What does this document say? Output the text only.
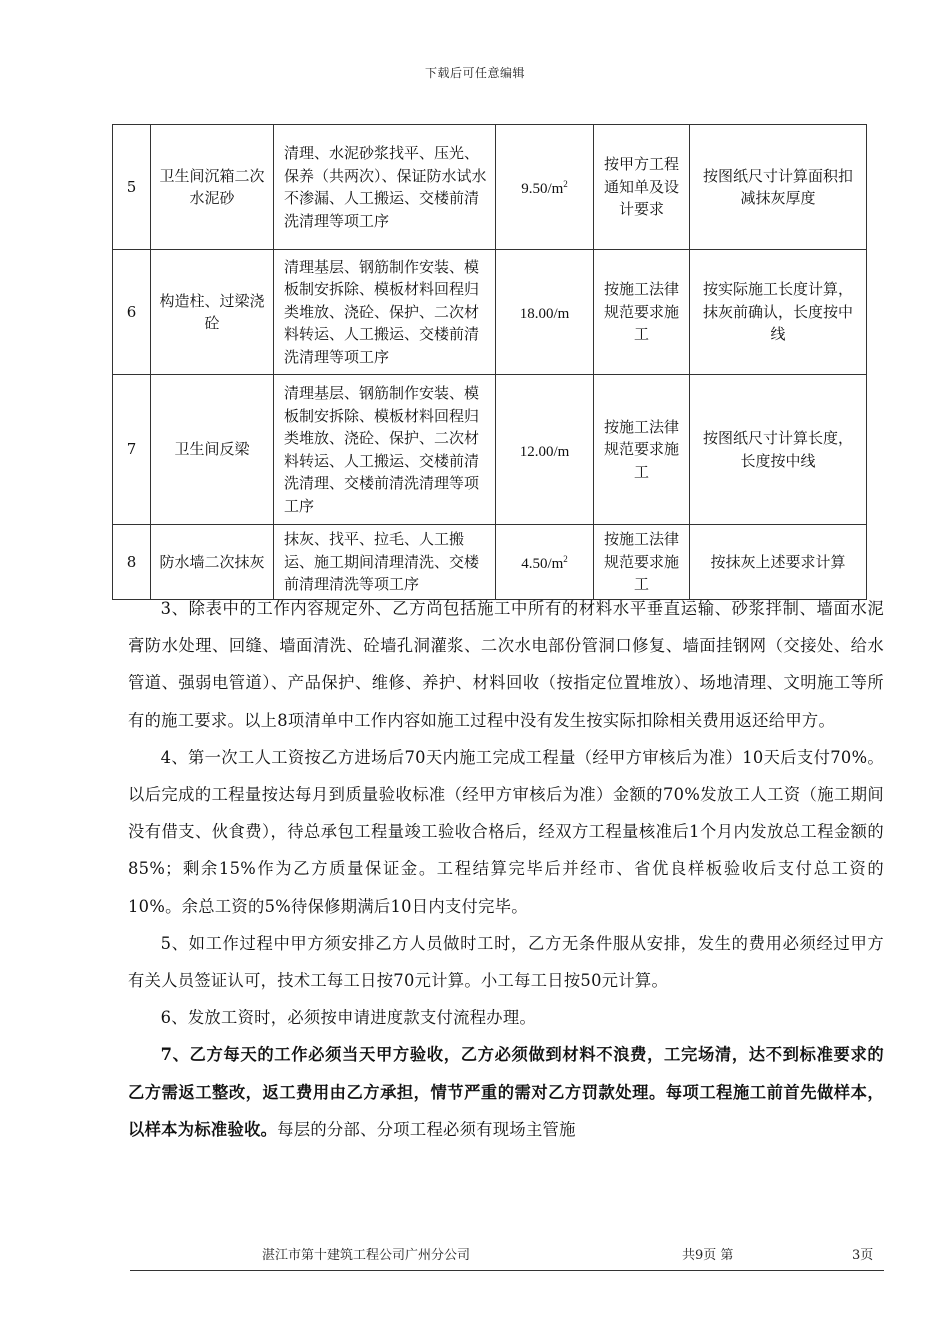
下载后可任意编辑
5	卫生间沉箱二次水泥砂	清理、水泥砂浆找平、压光、保养（共两次）、保证防水试水不渗漏、人工搬运、交楼前清洗清理等项工序	$9.50/m^2$	按甲方工程通知单及设计要求	按图纸尺寸计算面积扣减抹灰厚度
6	构造柱、过梁浇砼	清理基层、钢筋制作安装、模板制安拆除、模板材料回程归类堆放、浇砼、保护、二次材料转运、人工搬运、交楼前清洗清理等项工序	18.00/m	按施工法律规范要求施工	按实际施工长度计算，抹灰前确认，长度按中线
7	卫生间反梁	清理基层、钢筋制作安装、模板制安拆除、模板材料回程归类堆放、浇砼、保护、二次材料转运、人工搬运、交楼前清洗清理、交楼前清洗清理等项工序	12.00/m	按施工法律规范要求施工	按图纸尺寸计算长度，长度按中线
8	防水墙二次抹灰	抹灰、找平、拉毛、人工搬运、施工期间清理清洗、交楼前清理清洗等项工序	$4.50/m^2$	按施工法律规范要求施工	按抹灰上述要求计算

3、除表中的工作内容规定外、乙方尚包括施工中所有的材料水平垂直运输、砂浆拌制、墙面水泥膏防水处理、回缝、墙面清洗、砼墙孔洞灌浆、二次水电部份管洞口修复、墙面挂钢网（交接处、给水管道、强弱电管道）、产品保护、维修、养护、材料回收（按指定位置堆放）、场地清理、文明施工等所有的施工要求。以上8项清单中工作内容如施工过程中没有发生按实际扣除相关费用返还给甲方。

4、第一次工人工资按乙方进场后70天内施工完成工程量（经甲方审核后为准）10天后支付70%。以后完成的工程量按达每月到质量验收标准（经甲方审核后为准）金额的70%发放工人工资（施工期间没有借支、伙食费），待总承包工程量竣工验收合格后，经双方工程量核准后1个月内发放总工程金额的85%；剩余15%作为乙方质量保证金。工程结算完毕后并经市、省优良样板验收后支付总工资的10%。余总工资的5%待保修期满后10日内支付完毕。

5、如工作过程中甲方须安排乙方人员做时工时，乙方无条件服从安排，发生的费用必须经过甲方有关人员签证认可，技术工每工日按70元计算。小工每工日按50元计算。

6、发放工资时，必须按申请进度款支付流程办理。

7、乙方每天的工作必须当天甲方验收，乙方必须做到材料不浪费，工完场清，达不到标准要求的乙方需返工整改，返工费用由乙方承担，情节严重的需对乙方罚款处理。每项工程施工前首先做样本，以样本为标准验收。每层的分部、分项工程必须有现场主管施

湛江市第十建筑工程公司广州分公司	共9页 第	3页
